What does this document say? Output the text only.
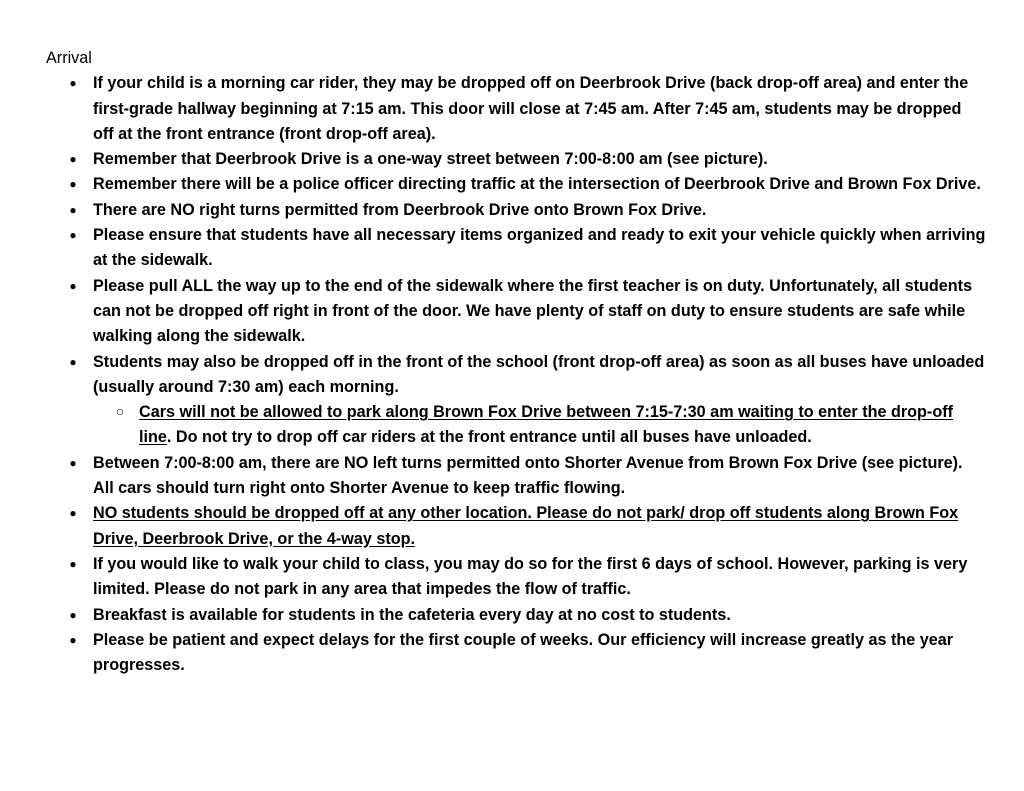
Arrival
● If your child is a morning car rider, they may be dropped off on Deerbrook Drive (back drop-off area) and enter the first-grade hallway beginning at 7:15 am. This door will close at 7:45 am. After 7:45 am, students may be dropped off at the front entrance (front drop-off area).
● Remember that Deerbrook Drive is a one-way street between 7:00-8:00 am (see picture).
● Remember there will be a police officer directing traffic at the intersection of Deerbrook Drive and Brown Fox Drive.
● There are NO right turns permitted from Deerbrook Drive onto Brown Fox Drive.
● Please ensure that students have all necessary items organized and ready to exit your vehicle quickly when arriving at the sidewalk.
● Please pull ALL the way up to the end of the sidewalk where the first teacher is on duty. Unfortunately, all students can not be dropped off right in front of the door. We have plenty of staff on duty to ensure students are safe while walking along the sidewalk.
● Students may also be dropped off in the front of the school (front drop-off area) as soon as all buses have unloaded (usually around 7:30 am) each morning.
○ Cars will not be allowed to park along Brown Fox Drive between 7:15-7:30 am waiting to enter the drop-off line. Do not try to drop off car riders at the front entrance until all buses have unloaded.
● Between 7:00-8:00 am, there are NO left turns permitted onto Shorter Avenue from Brown Fox Drive (see picture). All cars should turn right onto Shorter Avenue to keep traffic flowing.
● NO students should be dropped off at any other location. Please do not park/ drop off students along Brown Fox Drive, Deerbrook Drive, or the 4-way stop.
● If you would like to walk your child to class, you may do so for the first 6 days of school. However, parking is very limited. Please do not park in any area that impedes the flow of traffic.
● Breakfast is available for students in the cafeteria every day at no cost to students.
● Please be patient and expect delays for the first couple of weeks. Our efficiency will increase greatly as the year progresses.
